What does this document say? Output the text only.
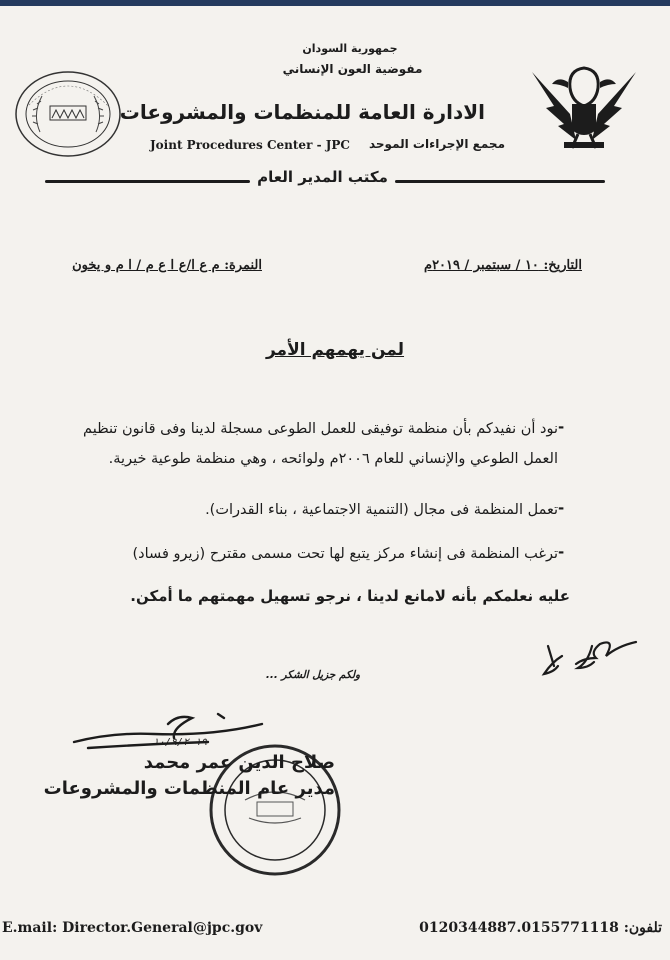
جمهورية السودان
مفوضية العون الإنساني
الادارة العامة للمنظمات والمشروعات
مجمع الإجراءات الموحد
Joint Procedures Center - JPC
مكتب المدير العام
التاريخ: ١٠ / سبتمبر / ٢٠١٩م
النمرة: م ع ا/ع ا ع م / ا م و يخون
لمن يهمهم الأمر
-
نود أن نفيدكم بأن منظمة توفيقى للعمل الطوعى مسجلة لدينا وفى قانون تنظيم
العمل الطوعي والإنساني للعام ٢٠٠٦م ولوائحه ، وهي منظمة طوعية خيرية.
-
تعمل المنظمة فى مجال (التنمية الاجتماعية ، بناء القدرات).
-
ترغب المنظمة فى إنشاء مركز يتبع لها تحت مسمى مقترح (زيرو فساد)
عليه نعلمكم بأنه لامانع لدينا ، نرجو تسهيل مهمتهم ما أمكن.
ولكم جزيل الشكر ...
١٠/٩/٢٠١٩
صلاح الدين عمر محمد
مدير عام المنظمات والمشروعات
E.mail: Director.General@jpc.gov	تلفون: 0120344887.0155771118
